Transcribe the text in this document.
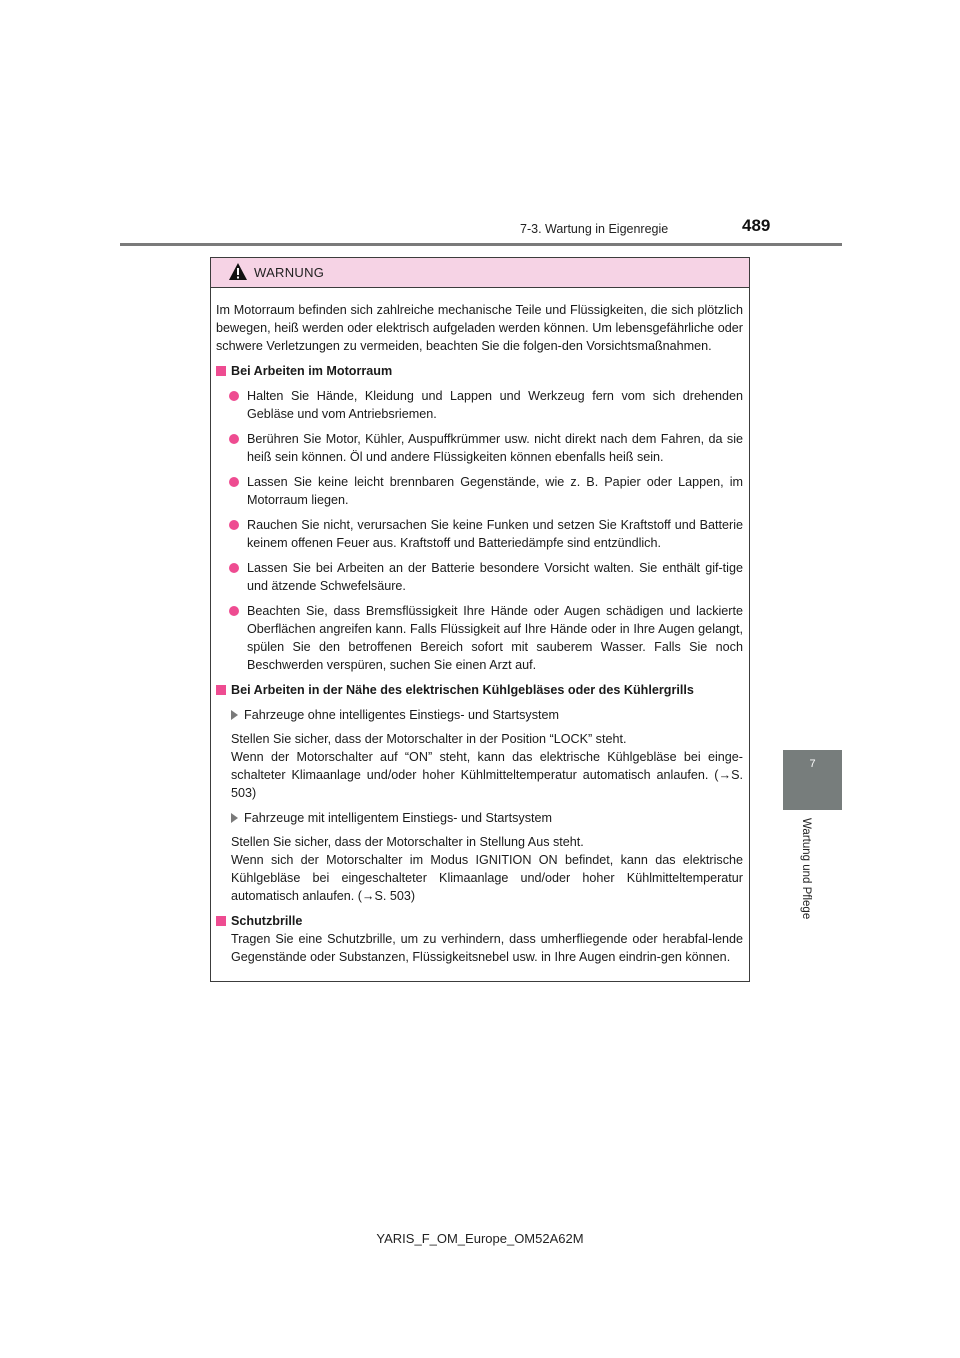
7-3. Wartung in Eigenregie	489
7
Wartung und Pflege
WARNUNG
Im Motorraum befinden sich zahlreiche mechanische Teile und Flüssigkeiten, die sich plötzlich bewegen, heiß werden oder elektrisch aufgeladen werden können. Um lebensgefährliche oder schwere Verletzungen zu vermeiden, beachten Sie die folgen-den Vorsichtsmaßnahmen.
Bei Arbeiten im Motorraum
Halten Sie Hände, Kleidung und Lappen und Werkzeug fern vom sich drehenden Gebläse und vom Antriebsriemen.
Berühren Sie Motor, Kühler, Auspuffkrümmer usw. nicht direkt nach dem Fahren, da sie heiß sein können. Öl und andere Flüssigkeiten können ebenfalls heiß sein.
Lassen Sie keine leicht brennbaren Gegenstände, wie z. B. Papier oder Lappen, im Motorraum liegen.
Rauchen Sie nicht, verursachen Sie keine Funken und setzen Sie Kraftstoff und Batterie keinem offenen Feuer aus. Kraftstoff und Batteriedämpfe sind entzündlich.
Lassen Sie bei Arbeiten an der Batterie besondere Vorsicht walten. Sie enthält gif-tige und ätzende Schwefelsäure.
Beachten Sie, dass Bremsflüssigkeit Ihre Hände oder Augen schädigen und lackierte Oberflächen angreifen kann. Falls Flüssigkeit auf Ihre Hände oder in Ihre Augen gelangt, spülen Sie den betroffenen Bereich sofort mit sauberem Wasser. Falls Sie noch Beschwerden verspüren, suchen Sie einen Arzt auf.
Bei Arbeiten in der Nähe des elektrischen Kühlgebläses oder des Kühlergrills
Fahrzeuge ohne intelligentes Einstiegs- und Startsystem
Stellen Sie sicher, dass der Motorschalter in der Position “LOCK” steht.
Wenn der Motorschalter auf “ON” steht, kann das elektrische Kühlgebläse bei einge-schalteter Klimaanlage und/oder hoher Kühlmitteltemperatur automatisch anlaufen. (→S. 503)
Fahrzeuge mit intelligentem Einstiegs- und Startsystem
Stellen Sie sicher, dass der Motorschalter in Stellung Aus steht.
Wenn sich der Motorschalter im Modus IGNITION ON befindet, kann das elektrische Kühlgebläse bei eingeschalteter Klimaanlage und/oder hoher Kühlmitteltemperatur automatisch anlaufen. (→S. 503)
Schutzbrille
Tragen Sie eine Schutzbrille, um zu verhindern, dass umherfliegende oder herabfal-lende Gegenstände oder Substanzen, Flüssigkeitsnebel usw. in Ihre Augen eindrin-gen können.
YARIS_F_OM_Europe_OM52A62M
